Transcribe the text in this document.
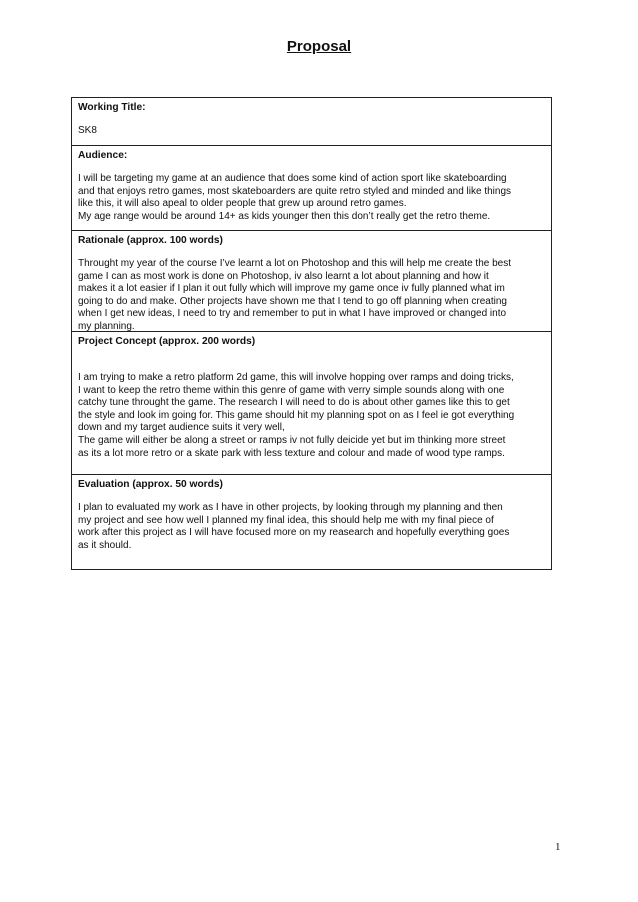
Proposal
Working Title:
SK8
Audience:
I will be targeting my game at an audience that does some kind of action sport like skateboarding
and that enjoys retro games, most skateboarders are quite retro styled and minded and like things
like this, it will also apeal to older people that grew up around retro games.
My age range would be around 14+ as kids younger then this don’t really get the retro theme.
Rationale (approx. 100 words)
Throught my year of the course I’ve learnt a lot on Photoshop and this will help me create the best
game I can as most work is done on Photoshop, iv also learnt a lot about planning and how it
makes it a lot easier if I plan it out fully which will improve my game once iv fully planned what im
going to do and make. Other projects have shown me that I tend to go off planning when creating
when I get new ideas, I need to try and remember to put in what I have improved or changed into
my planning.
Project Concept (approx. 200 words)
I am trying to make a retro platform 2d game, this will involve hopping over ramps and doing tricks,
I want to keep the retro theme within this genre of game with verry simple sounds along with one
catchy tune throught the game. The research I will need to do is about other games like this to get
the style and look im going for. This game should hit my planning spot on as I feel ie got everything
down and my target audience suits it very well,
The game will either be along a street or ramps iv not fully deicide yet but im thinking more street
as its a lot more retro or a skate park with less texture and colour and made of wood type ramps.
Evaluation (approx. 50 words)
I plan to evaluated my work as I have in other projects, by looking through my planning and then
my project and see how well I planned my final idea, this should help me with my final piece of
work after this project as I will have focused more on my reasearch and hopefully everything goes
as it should.
1
